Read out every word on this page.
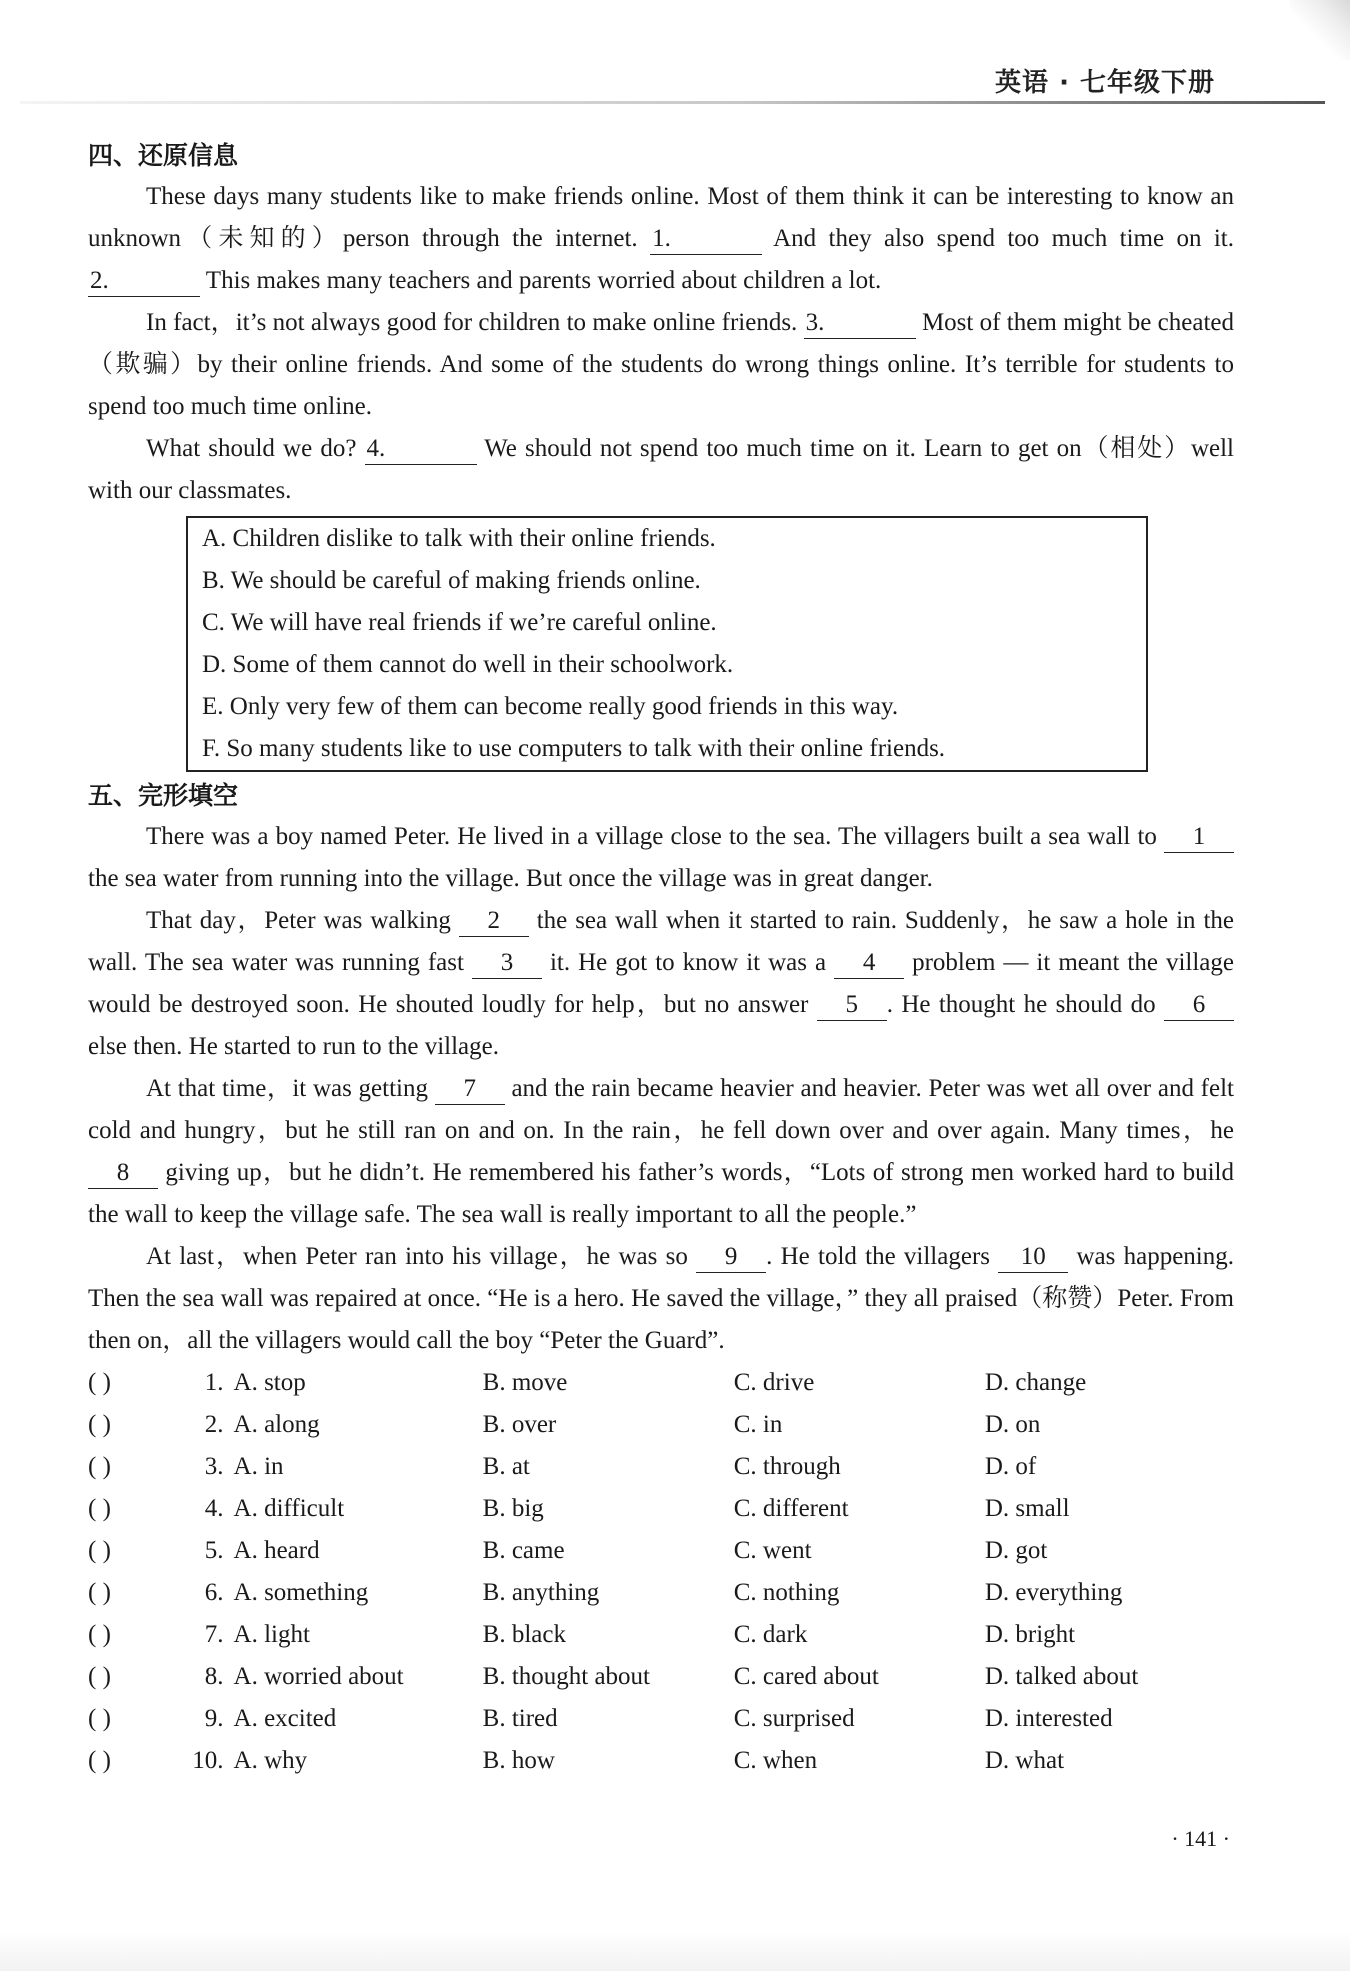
英语 · 七年级下册
四、还原信息

These days many students like to make friends online. Most of them think it can be interesting to know an unknown（未知的）person through the internet. 1.	And they also spend too much time on it. 2.	This makes many teachers and parents worried about children a lot.

In fact，it’s not always good for children to make online friends. 3.	Most of them might be cheated（欺骗）by their online friends. And some of the students do wrong things online. It’s terrible for students to spend too much time online.

What should we do? 4.	We should not spend too much time on it. Learn to get on（相处）well with our classmates.

A. Children dislike to talk with their online friends.
B. We should be careful of making friends online.
C. We will have real friends if we’re careful online.
D. Some of them cannot do well in their schoolwork.
E. Only very few of them can become really good friends in this way.
F. So many students like to use computers to talk with their online friends.
五、完形填空

There was a boy named Peter. He lived in a village close to the sea. The villagers built a sea wall to 1 the sea water from running into the village. But once the village was in great danger.

That day，Peter was walking 2 the sea wall when it started to rain. Suddenly，he saw a hole in the wall. The sea water was running fast 3 it. He got to know it was a 4 problem — it meant the village would be destroyed soon. He shouted loudly for help，but no answer 5 . He thought he should do 6 else then. He started to run to the village.

At that time，it was getting 7 and the rain became heavier and heavier. Peter was wet all over and felt cold and hungry，but he still ran on and on. In the rain，he fell down over and over again. Many times，he 8 giving up，but he didn’t. He remembered his father’s words，“Lots of strong men worked hard to build the wall to keep the village safe. The sea wall is really important to all the people.”

At last，when Peter ran into his village，he was so 9 . He told the villagers 10 was happening. Then the sea wall was repaired at once. “He is a hero. He saved the village，” they all praised（称赞）Peter. From then on，all the villagers would call the boy “Peter the Guard”.

( )	1. A. stop	B. move	C. drive	D. change
( )	2. A. along	B. over	C. in	D. on
( )	3. A. in	B. at	C. through	D. of
( )	4. A. difficult	B. big	C. different	D. small
( )	5. A. heard	B. came	C. went	D. got
( )	6. A. something	B. anything	C. nothing	D. everything
( )	7. A. light	B. black	C. dark	D. bright
( )	8. A. worried about	B. thought about	C. cared about	D. talked about
( )	9. A. excited	B. tired	C. surprised	D. interested
( )	10. A. why	B. how	C. when	D. what
· 141 ·
